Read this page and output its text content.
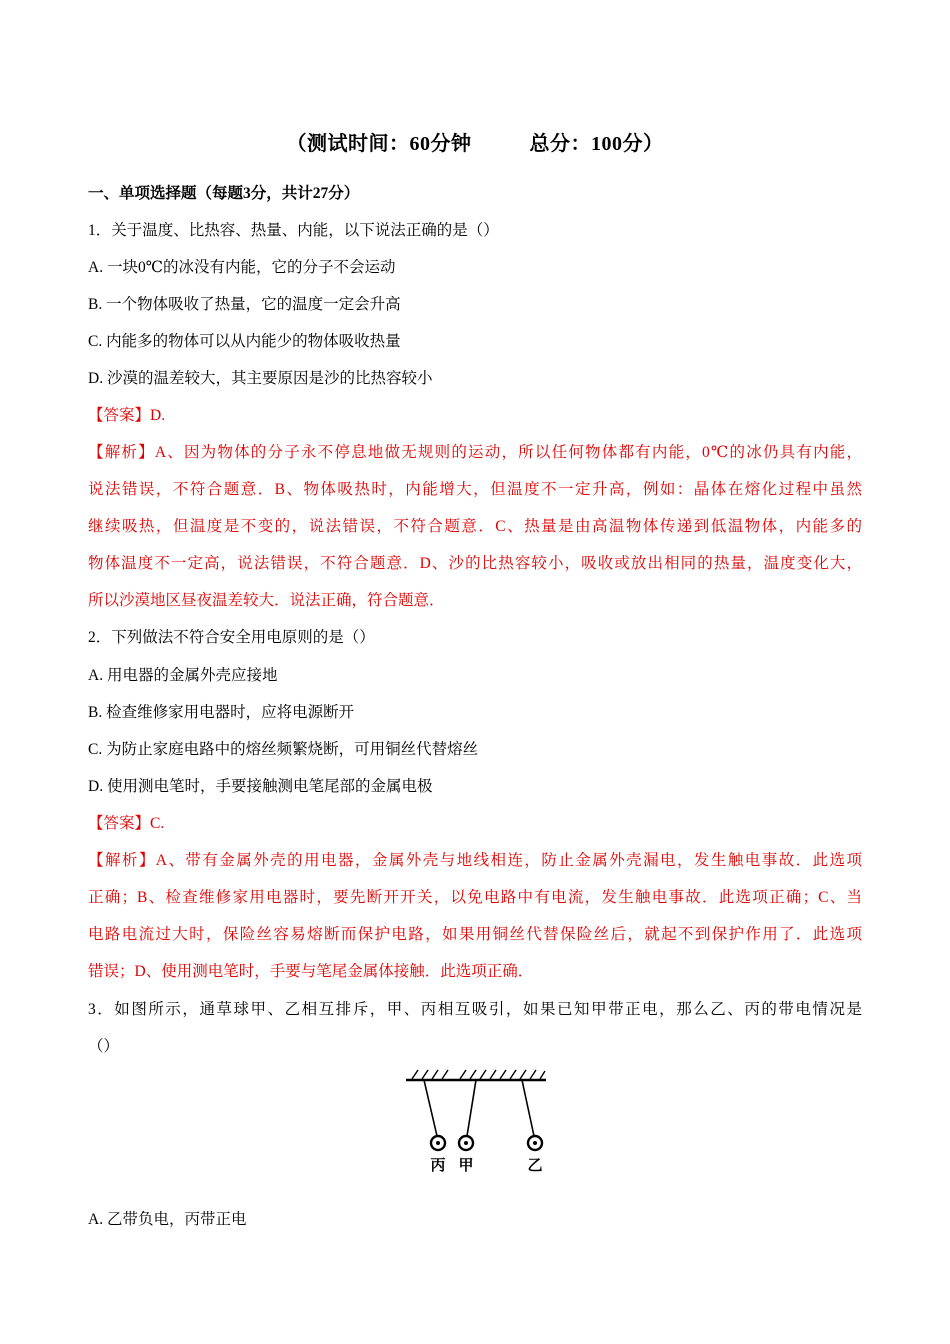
（测试时间：60分钟	总分：100分）
一、单项选择题（每题3分，共计27分）
1．关于温度、比热容、热量、内能，以下说法正确的是（）
A. 一块0℃的冰没有内能，它的分子不会运动
B. 一个物体吸收了热量，它的温度一定会升高
C. 内能多的物体可以从内能少的物体吸收热量
D. 沙漠的温差较大，其主要原因是沙的比热容较小
【答案】D.
【解析】A、因为物体的分子永不停息地做无规则的运动，所以任何物体都有内能，0℃的冰仍具有内能，
说法错误，不符合题意．B、物体吸热时，内能增大，但温度不一定升高，例如：晶体在熔化过程中虽然
继续吸热，但温度是不变的，说法错误，不符合题意．C、热量是由高温物体传递到低温物体，内能多的
物体温度不一定高，说法错误，不符合题意．D、沙的比热容较小，吸收或放出相同的热量，温度变化大，
所以沙漠地区昼夜温差较大．说法正确，符合题意．
2．下列做法不符合安全用电原则的是（）
A. 用电器的金属外壳应接地
B. 检查维修家用电器时，应将电源断开
C. 为防止家庭电路中的熔丝频繁烧断，可用铜丝代替熔丝
D. 使用测电笔时，手要接触测电笔尾部的金属电极
【答案】C.
【解析】A、带有金属外壳的用电器，金属外壳与地线相连，防止金属外壳漏电，发生触电事故．此选项
正确；B、检查维修家用电器时，要先断开开关，以免电路中有电流，发生触电事故．此选项正确；C、当
电路电流过大时，保险丝容易熔断而保护电路，如果用铜丝代替保险丝后，就起不到保护作用了．此选项
错误；D、使用测电笔时，手要与笔尾金属体接触．此选项正确．
3．如图所示，通草球甲、乙相互排斥，甲、丙相互吸引，如果已知甲带正电，那么乙、丙的带电情况是
（）
丙 甲	乙
A. 乙带负电，丙带正电
